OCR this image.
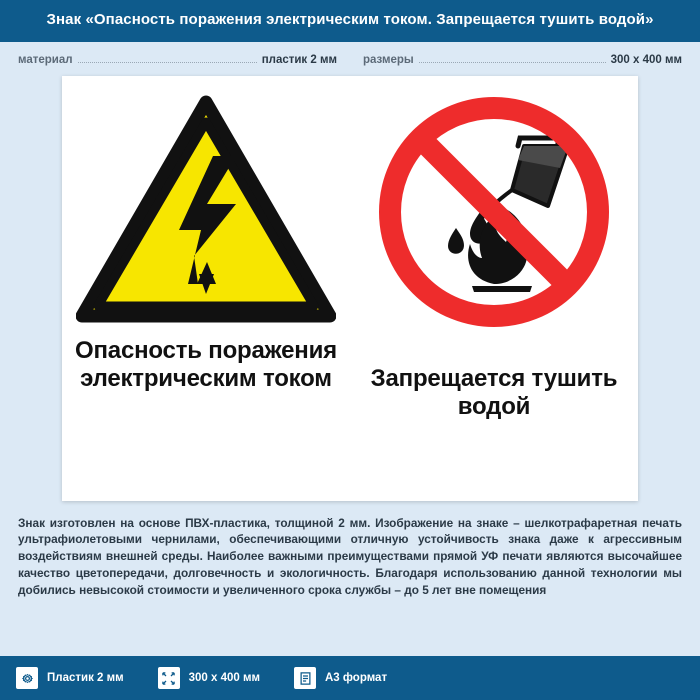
Знак «Опасность поражения электрическим током. Запрещается тушить водой»
материал	пластик 2 мм размеры	300 x 400 мм
Опасность поражения электрическим током	Запрещается тушить водой
Знак изготовлен на основе ПВХ-пластика, толщиной 2 мм. Изображение на знаке – шелкотрафаретная печать ультрафиолетовыми чернилами, обеспечивающими отличную устойчивость знака даже к агрессивным воздействиям внешней среды. Наиболее важными преимуществами прямой УФ печати являются высочайшее качество цветопередачи, долговечность и экологичность. Благодаря использованию данной технологии мы добились невысокой стоимости и увеличенного срока службы – до 5 лет вне помещения
Пластик 2 мм	300 x 400 мм	A3 формат
